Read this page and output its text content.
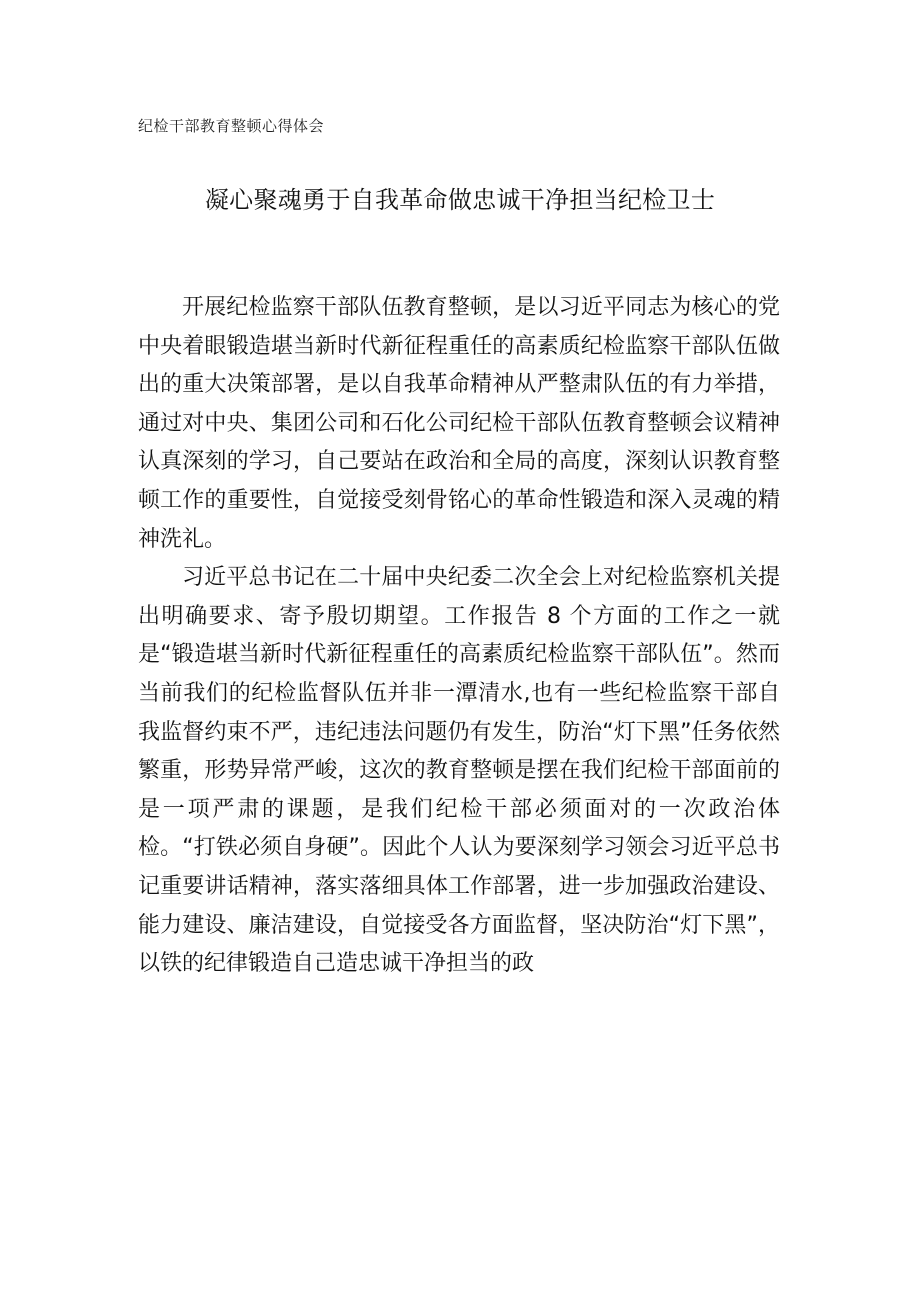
纪检干部教育整顿心得体会
凝心聚魂勇于自我革命做忠诚干净担当纪检卫士

开展纪检监察干部队伍教育整顿，是以习近平同志为核心的党中央着眼锻造堪当新时代新征程重任的高素质纪检监察干部队伍做出的重大决策部署，是以自我革命精神从严整肃队伍的有力举措，通过对中央、集团公司和石化公司纪检干部队伍教育整顿会议精神认真深刻的学习，自己要站在政治和全局的高度，深刻认识教育整顿工作的重要性，自觉接受刻骨铭心的革命性锻造和深入灵魂的精神洗礼。

习近平总书记在二十届中央纪委二次全会上对纪检监察机关提出明确要求、寄予殷切期望。工作报告 8 个方面的工作之一就是“锻造堪当新时代新征程重任的高素质纪检监察干部队伍”。然而当前我们的纪检监督队伍并非一潭清水,也有一些纪检监察干部自我监督约束不严，违纪违法问题仍有发生，防治“灯下黑”任务依然繁重，形势异常严峻，这次的教育整顿是摆在我们纪检干部面前的是一项严肃的课题，是我们纪检干部必须面对的一次政治体检。“打铁必须自身硬”。因此个人认为要深刻学习领会习近平总书记重要讲话精神，落实落细具体工作部署，进一步加强政治建设、能力建设、廉洁建设，自觉接受各方面监督，坚决防治“灯下黑”，以铁的纪律锻造自己造忠诚干净担当的政
